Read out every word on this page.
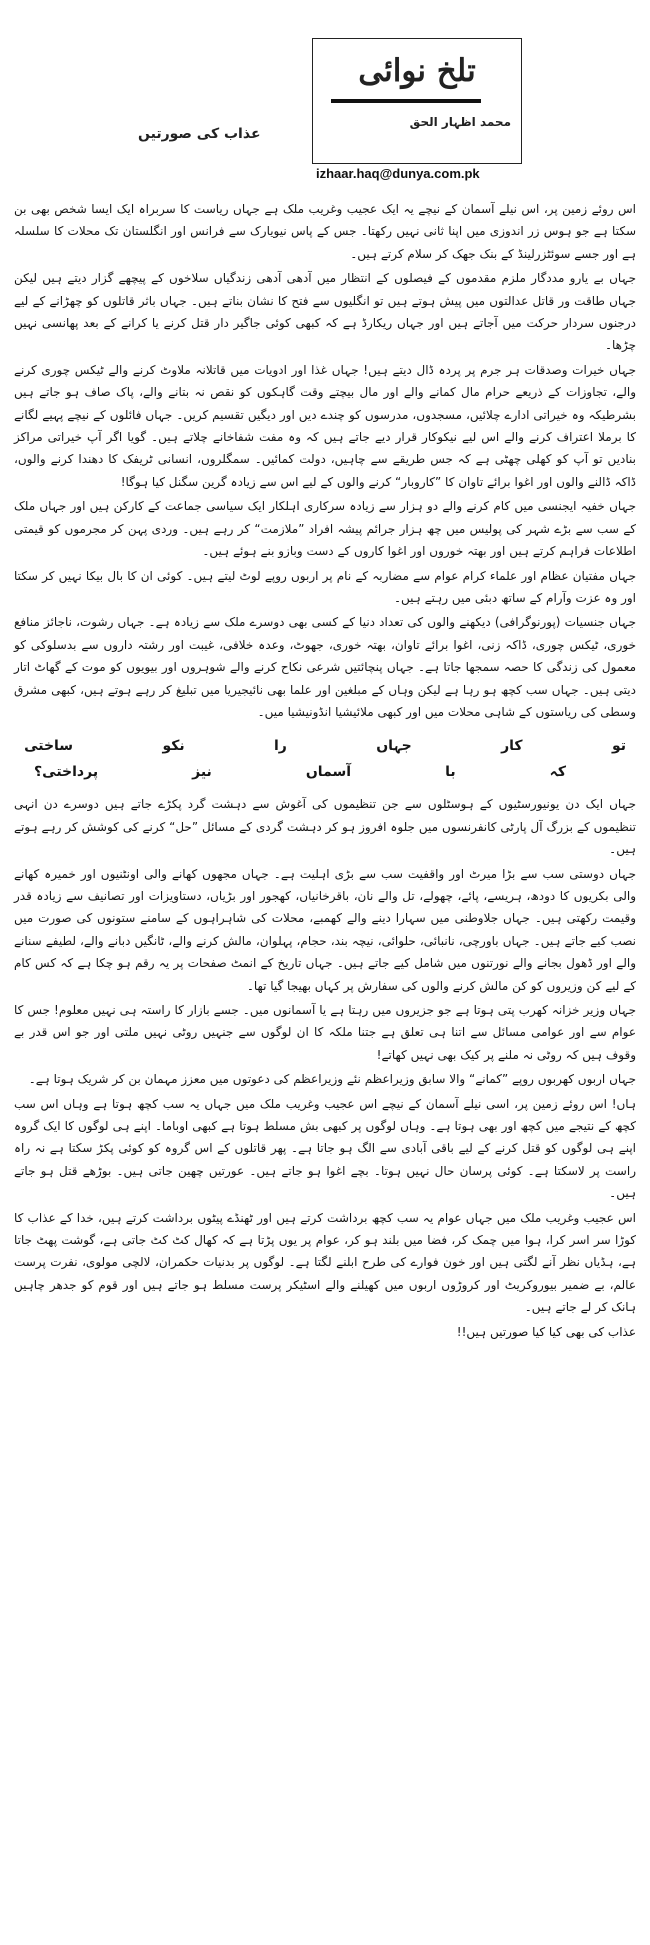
تلخ نوائی
محمد اظہار الحق
izhaar.haq@dunya.com.pk
عذاب کی صورتیں

اس روئے زمین پر، اس نیلے آسمان کے نیچے یہ ایک عجیب وغریب ملک ہے جہاں ریاست کا سربراہ ایک ایسا شخص بھی بن سکتا ہے جو ہوس زر اندوزی میں اپنا ثانی نہیں رکھتا۔ جس کے پاس نیویارک سے فرانس اور انگلستان تک محلات کا سلسلہ ہے اور جسے سوئٹزرلینڈ کے بنک جھک کر سلام کرتے ہیں۔

جہاں بے یارو مددگار ملزم مقدموں کے فیصلوں کے انتظار میں آدھی آدھی زندگیاں سلاخوں کے پیچھے گزار دیتے ہیں لیکن جہاں طاقت ور قاتل عدالتوں میں پیش ہوتے ہیں تو انگلیوں سے فتح کا نشان بناتے ہیں۔ جہاں باثر قاتلوں کو چھڑانے کے لیے درجنوں سردار حرکت میں آجاتے ہیں اور جہاں ریکارڈ ہے کہ کبھی کوئی جاگیر دار قتل کرنے یا کرانے کے بعد پھانسی نہیں چڑھا۔

جہاں خیرات وصدقات ہر جرم پر پردہ ڈال دیتے ہیں! جہاں غذا اور ادویات میں قاتلانہ ملاوٹ کرنے والے ٹیکس چوری کرنے والے، تجاوزات کے ذریعے حرام مال کمانے والے اور مال بیچتے وقت گاہکوں کو نقص نہ بتانے والے، پاک صاف ہو جاتے ہیں بشرطیکہ وہ خیراتی ادارے چلائیں، مسجدوں، مدرسوں کو چندے دیں اور دیگیں تقسیم کریں۔ جہاں فائلوں کے نیچے پہیے لگانے کا برملا اعتراف کرنے والے اس لیے نیکوکار قرار دیے جاتے ہیں کہ وہ مفت شفاخانے چلاتے ہیں۔ گویا اگر آپ خیراتی مراکز بنادیں تو آپ کو کھلی چھٹی ہے کہ جس طریقے سے چاہیں، دولت کمائیں۔ سمگلروں، انسانی ٹریفک کا دھندا کرنے والوں، ڈاکہ ڈالنے والوں اور اغوا برائے تاوان کا ”کاروبار“ کرنے والوں کے لیے اس سے زیادہ گرین سگنل کیا ہوگا!

جہاں خفیہ ایجنسی میں کام کرنے والے دو ہزار سے زیادہ سرکاری اہلکار ایک سیاسی جماعت کے کارکن ہیں اور جہاں ملک کے سب سے بڑے شہر کی پولیس میں چھ ہزار جرائم پیشہ افراد ”ملازمت“ کر رہے ہیں۔ وردی پہن کر مجرموں کو قیمتی اطلاعات فراہم کرتے ہیں اور بھتہ خوروں اور اغوا کاروں کے دست وبازو بنے ہوئے ہیں۔

جہاں مفتیان عظام اور علماء کرام عوام سے مضاربہ کے نام پر اربوں روپے لوٹ لیتے ہیں۔ کوئی ان کا بال بیکا نہیں کر سکتا اور وہ عزت وآرام کے ساتھ دبئی میں رہتے ہیں۔

جہاں جنسیات (پورنوگرافی) دیکھنے والوں کی تعداد دنیا کے کسی بھی دوسرے ملک سے زیادہ ہے۔ جہاں رشوت، ناجائز منافع خوری، ٹیکس چوری، ڈاکہ زنی، اغوا برائے تاوان، بھتہ خوری، جھوٹ، وعدہ خلافی، غیبت اور رشتہ داروں سے بدسلوکی کو معمول کی زندگی کا حصہ سمجھا جاتا ہے۔ جہاں پنچائتیں شرعی نکاح کرنے والے شوہروں اور بیویوں کو موت کے گھاٹ اتار دیتی ہیں۔ جہاں سب کچھ ہو رہا ہے لیکن وہاں کے مبلغین اور علما بھی نائیجیریا میں تبلیغ کر رہے ہوتے ہیں، کبھی مشرق وسطی کی ریاستوں کے شاہی محلات میں اور کبھی ملائیشیا انڈونیشیا میں۔

تو
کار
جہاں
را
نکو
ساختی
کہ
با
آسماں
نیز
پرداختی؟

جہاں ایک دن یونیورسٹیوں کے ہوسٹلوں سے جن تنظیموں کی آغوش سے دہشت گرد پکڑے جاتے ہیں دوسرے دن انہی تنظیموں کے بزرگ آل پارٹی کانفرنسوں میں جلوہ افروز ہو کر دہشت گردی کے مسائل ”حل“ کرنے کی کوشش کر رہے ہوتے ہیں۔

جہاں دوستی سب سے بڑا میرٹ اور واقفیت سب سے بڑی اہلیت ہے۔ جہاں مجھوں کھانے والی اونٹنیوں اور خمیرہ کھانے والی بکریوں کا دودھ، ہریسے، پائے، چھولے، تل والے نان، باقرخانیاں، کھجور اور بڑیاں، دستاویزات اور تصانیف سے زیادہ قدر وقیمت رکھتی ہیں۔ جہاں جلاوطنی میں سہارا دینے والے کھمبے، محلات کی شاہراہوں کے سامنے ستونوں کی صورت میں نصب کیے جاتے ہیں۔ جہاں باورچی، نانبائی، حلوائی، نیچہ بند، حجام، پہلوان، مالش کرنے والے، ٹانگیں دبانے والے، لطیفے سنانے والے اور ڈھول بجانے والے نورتنوں میں شامل کیے جاتے ہیں۔ جہاں تاریخ کے انمٹ صفحات پر یہ رقم ہو چکا ہے کہ کس کام کے لیے کن وزیروں کو کن مالش کرنے والوں کی سفارش پر کہاں بھیجا گیا تھا۔

جہاں وزیر خزانہ کھرب پتی ہوتا ہے جو جزیروں میں رہتا ہے یا آسمانوں میں۔ جسے بازار کا راستہ ہی نہیں معلوم! جس کا عوام سے اور عوامی مسائل سے اتنا ہی تعلق ہے جتنا ملکہ کا ان لوگوں سے جنہیں روٹی نہیں ملتی اور جو اس قدر بے وقوف ہیں کہ روٹی نہ ملنے پر کیک بھی نہیں کھاتے!

جہاں اربوں کھربوں روپے ”کمانے“ والا سابق وزیراعظم نئے وزیراعظم کی دعوتوں میں معزز مہمان بن کر شریک ہوتا ہے۔

ہاں! اس روئے زمین پر، اسی نیلے آسمان کے نیچے اس عجیب وغریب ملک میں جہاں یہ سب کچھ ہوتا ہے وہاں اس سب کچھ کے نتیجے میں کچھ اور بھی ہوتا ہے۔ وہاں لوگوں پر کبھی بش مسلط ہوتا ہے کبھی اوباما۔ اپنے ہی لوگوں کا ایک گروہ اپنے ہی لوگوں کو قتل کرنے کے لیے باقی آبادی سے الگ ہو جاتا ہے۔ پھر قاتلوں کے اس گروہ کو کوئی پکڑ سکتا ہے نہ راہ راست پر لاسکتا ہے۔ کوئی پرسان حال نہیں ہوتا۔ بچے اغوا ہو جاتے ہیں۔ عورتیں چھین جاتی ہیں۔ بوڑھے قتل ہو جاتے ہیں۔

اس عجیب وغریب ملک میں جہاں عوام یہ سب کچھ برداشت کرتے ہیں اور ٹھنڈے پیٹوں برداشت کرتے ہیں، خدا کے عذاب کا کوڑا سر اسر کرا، ہوا میں چمک کر، فضا میں بلند ہو کر، عوام پر یوں پڑتا ہے کہ کھال کٹ کٹ جاتی ہے، گوشت پھٹ جاتا ہے، ہڈیاں نظر آنے لگتی ہیں اور خون فوارے کی طرح ابلنے لگتا ہے۔ لوگوں پر بدنیات حکمران، لالچی مولوی، نفرت پرست عالم، بے ضمیر بیوروکریٹ اور کروڑوں اربوں میں کھیلنے والے اسٹیکر پرست مسلط ہو جاتے ہیں اور قوم کو جدھر چاہیں ہانک کر لے جاتے ہیں۔

عذاب کی بھی کیا کیا صورتیں ہیں!!
